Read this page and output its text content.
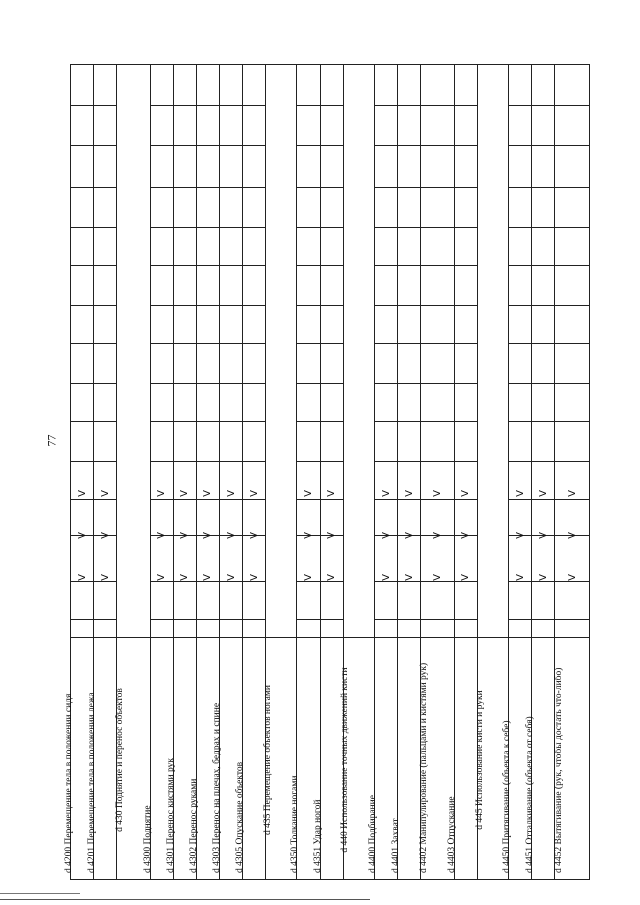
77
V
V
V
d 4200 Перемещение тела в положении сидя
V
V
V
d 4201 Перемещение тела в положении лежа d 430 Поднятие и перенос объектов
V
V
V
d 4300 Поднятие
V
V
V
d 4301 Перенос кистями рук
V
V
V
d 4302 Перенос руками
V
V
V
d 4303 Перенос на плечах, бедрах и спине
V
V
V
d 4305 Опускание объектов d 435 Перемещение объектов ногами
V
V
V
d 4350 Толкание ногами
V
V
V
d 4351 Удар ногой d 440 Использование точных движений кисти
V
V
V
d 4400 Подбирание
V
V
V
d 4401 Захват
V
V
V
d 4402 Манипулирование (пальцами и кистями рук)
V
V
V
d 4403 Отпускание
d 445 Использование кисти и руки
V
V
V
d 4450 Притягивание (объекта к себе)
V
V
V
d 4451 Отталкивание (объекта от себя)
V
V
V
d 4452 Вытягивание (рук, чтобы достать что-либо)
